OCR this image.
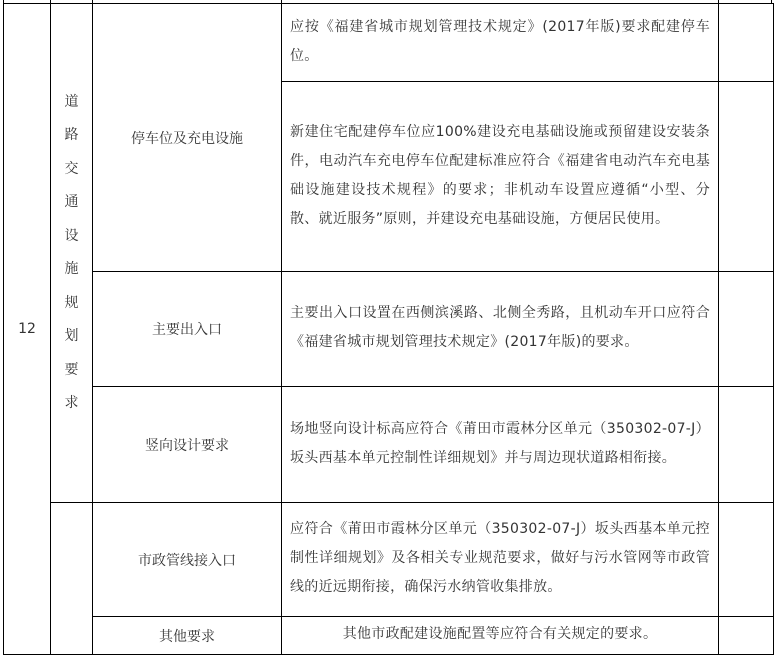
12	道路交通设施规划要求	停车位及充电设施	应按《福建省城市规划管理技术规定》(2017年版)要求配建停车位。	
			新建住宅配建停车位应100%建设充电基础设施或预留建设安装条件，电动汽车充电停车位配建标准应符合《福建省电动汽车充电基础设施建设技术规程》的要求；非机动车设置应遵循“小型、分散、就近服务”原则，并建设充电基础设施，方便居民使用。	
		主要出入口	主要出入口设置在西侧滨溪路、北侧全秀路，且机动车开口应符合《福建省城市规划管理技术规定》(2017年版)的要求。	
		竖向设计要求	场地竖向设计标高应符合《莆田市霞林分区单元（350302-07-J）坂头西基本单元控制性详细规划》并与周边现状道路相衔接。	
		市政管线接入口	应符合《莆田市霞林分区单元（350302-07-J）坂头西基本单元控制性详细规划》及各相关专业规范要求，做好与污水管网等市政管线的近远期衔接，确保污水纳管收集排放。	
		其他要求	其他市政配建设施配置等应符合有关规定的要求。	
